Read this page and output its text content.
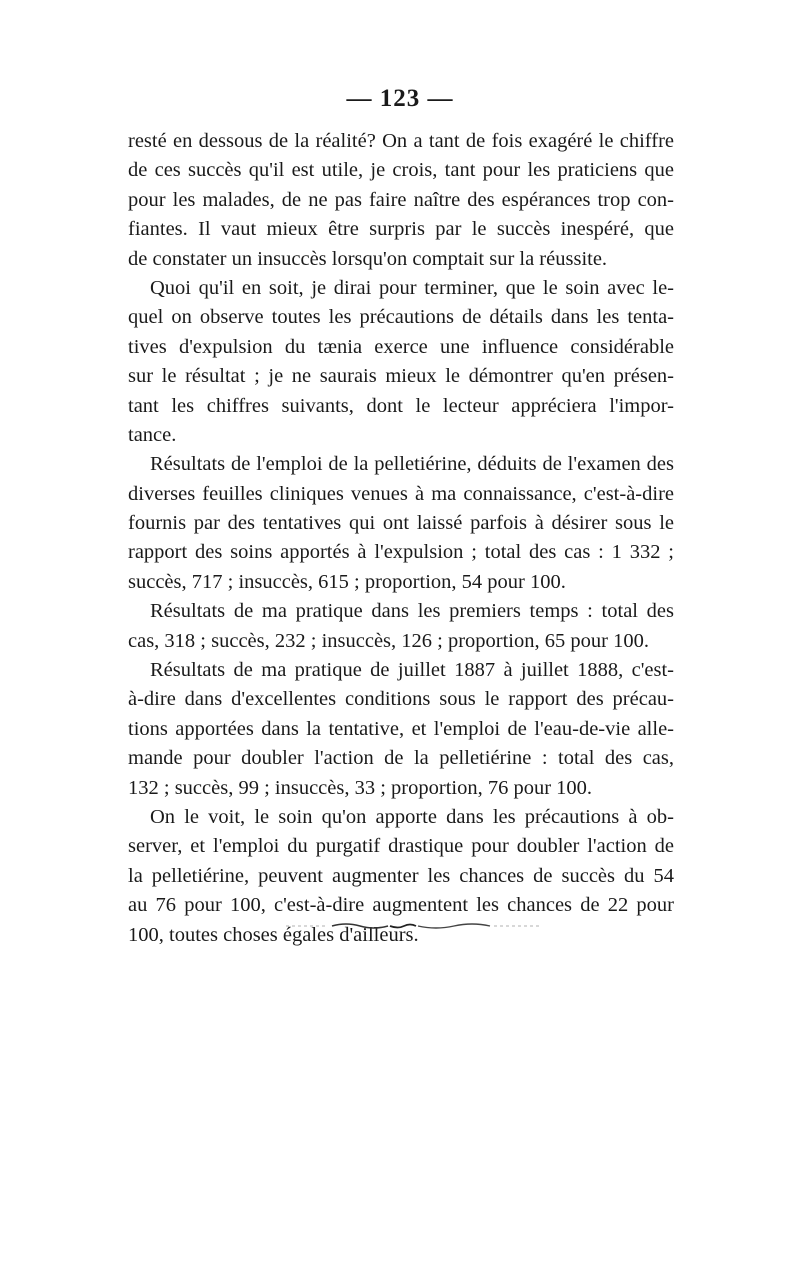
— 123 —
resté en dessous de la réalité? On a tant de fois exagéré le chiffre
de ces succès qu'il est utile, je crois, tant pour les praticiens que
pour les malades, de ne pas faire naître des espérances trop con-
fiantes. Il vaut mieux être surpris par le succès inespéré, que
de constater un insuccès lorsqu'on comptait sur la réussite.
Quoi qu'il en soit, je dirai pour terminer, que le soin avec le-
quel on observe toutes les précautions de détails dans les tenta-
tives d'expulsion du tænia exerce une influence considérable
sur le résultat ; je ne saurais mieux le démontrer qu'en présen-
tant les chiffres suivants, dont le lecteur appréciera l'impor-
tance.
Résultats de l'emploi de la pelletiérine, déduits de l'examen des
diverses feuilles cliniques venues à ma connaissance, c'est-à-dire
fournis par des tentatives qui ont laissé parfois à désirer sous le
rapport des soins apportés à l'expulsion ; total des cas : 1 332 ;
succès, 717 ; insuccès, 615 ; proportion, 54 pour 100.
Résultats de ma pratique dans les premiers temps : total des
cas, 318 ; succès, 232 ; insuccès, 126 ; proportion, 65 pour 100.
Résultats de ma pratique de juillet 1887 à juillet 1888, c'est-
à-dire dans d'excellentes conditions sous le rapport des précau-
tions apportées dans la tentative, et l'emploi de l'eau-de-vie alle-
mande pour doubler l'action de la pelletiérine : total des cas,
132 ; succès, 99 ; insuccès, 33 ; proportion, 76 pour 100.
On le voit, le soin qu'on apporte dans les précautions à ob-
server, et l'emploi du purgatif drastique pour doubler l'action de
la pelletiérine, peuvent augmenter les chances de succès du 54
au 76 pour 100, c'est-à-dire augmentent les chances de 22 pour
100, toutes choses égales d'ailleurs.
